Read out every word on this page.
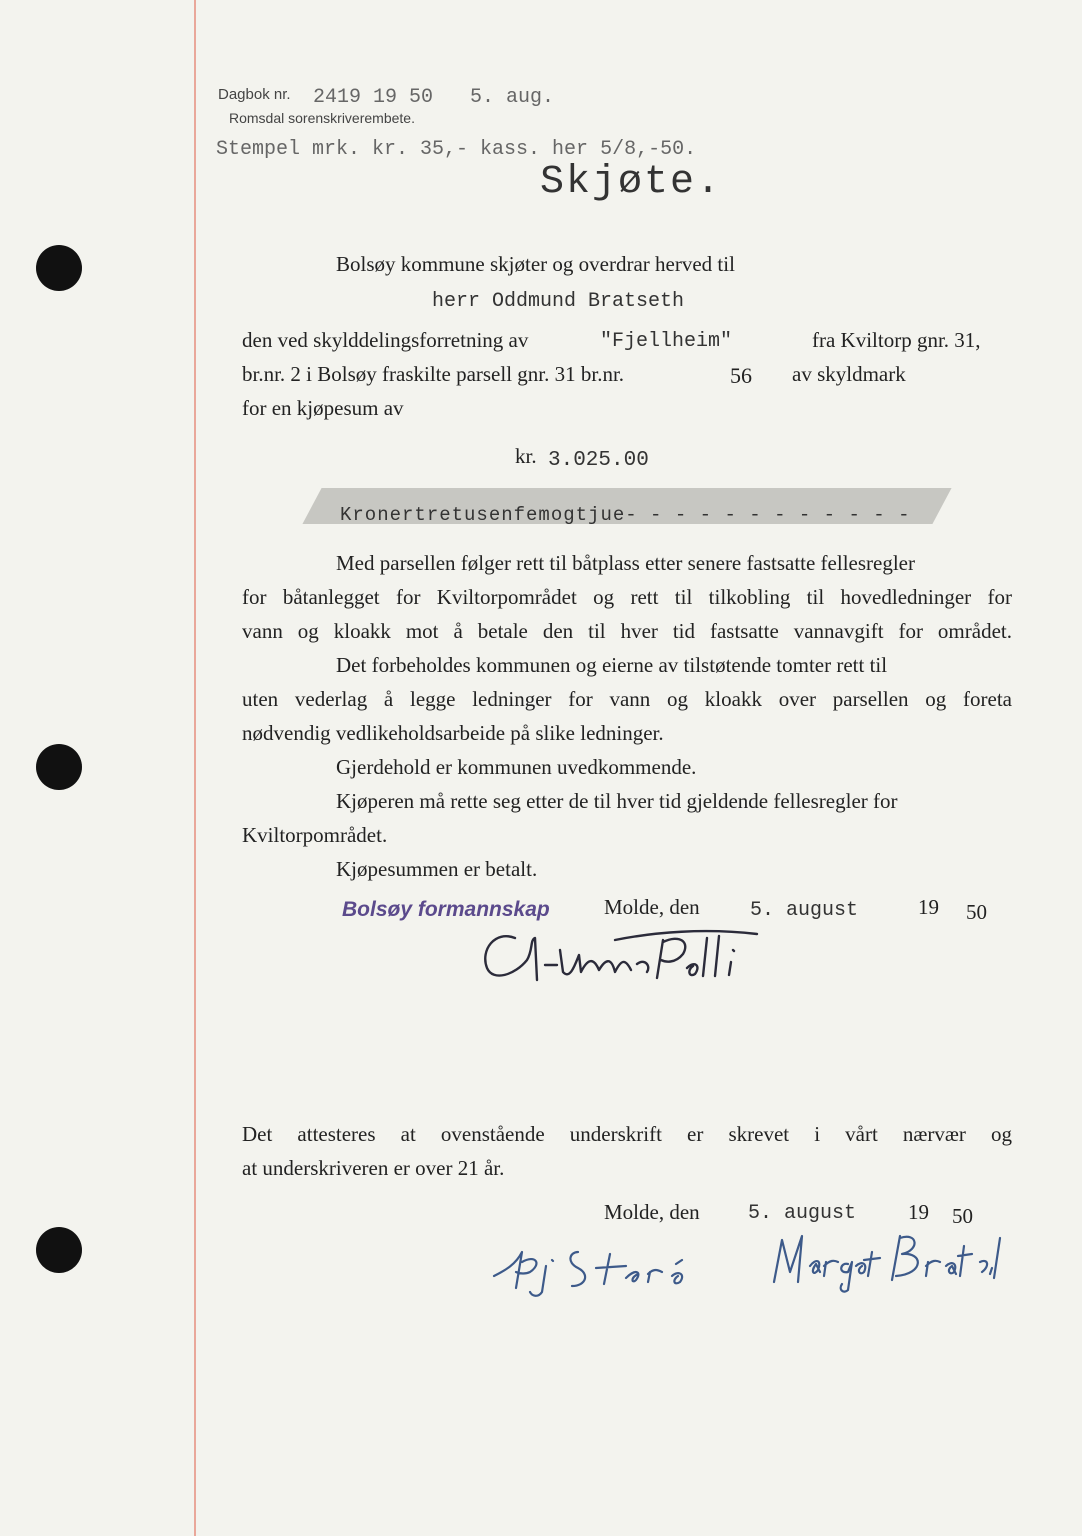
Dagbok nr. 2419 19 50 5. aug.
Romsdal sorenskriverembete.
Stempel mrk. kr. 35,- kass. her 5/8,-50.
Skjøte.
Bolsøy kommune skjøter og overdrar herved til
herr Oddmund Bratseth
den ved skylddelingsforretning av	"Fjellheim"	fra Kviltorp gnr. 31,
br.nr. 2 i Bolsøy fraskilte parsell gnr. 31 br.nr.	56 av skyldmark
for en kjøpesum av
kr. 3.025.00
Kronertretusenfemogtjue- - - - - - - - - - - -
Med parsellen følger rett til båtplass etter senere fastsatte fellesregler
for båtanlegget for Kviltorpområdet og rett til tilkobling til hovedledninger for
vann og kloakk mot å betale den til hver tid fastsatte vannavgift for området.
Det forbeholdes kommunen og eierne av tilstøtende tomter rett til
uten vederlag å legge ledninger for vann og kloakk over parsellen og foreta
nødvendig vedlikeholdsarbeide på slike ledninger.
Gjerdehold er kommunen uvedkommende.
Kjøperen må rette seg etter de til hver tid gjeldende fellesregler for
Kviltorpområdet.
Kjøpesummen er betalt.
Bolsøy formannskap	Molde, den	5. august	19 50
Det attesteres at ovenstående underskrift er skrevet i vårt nærvær og
at underskriveren er over 21 år.
Molde, den 5. august 19 50
